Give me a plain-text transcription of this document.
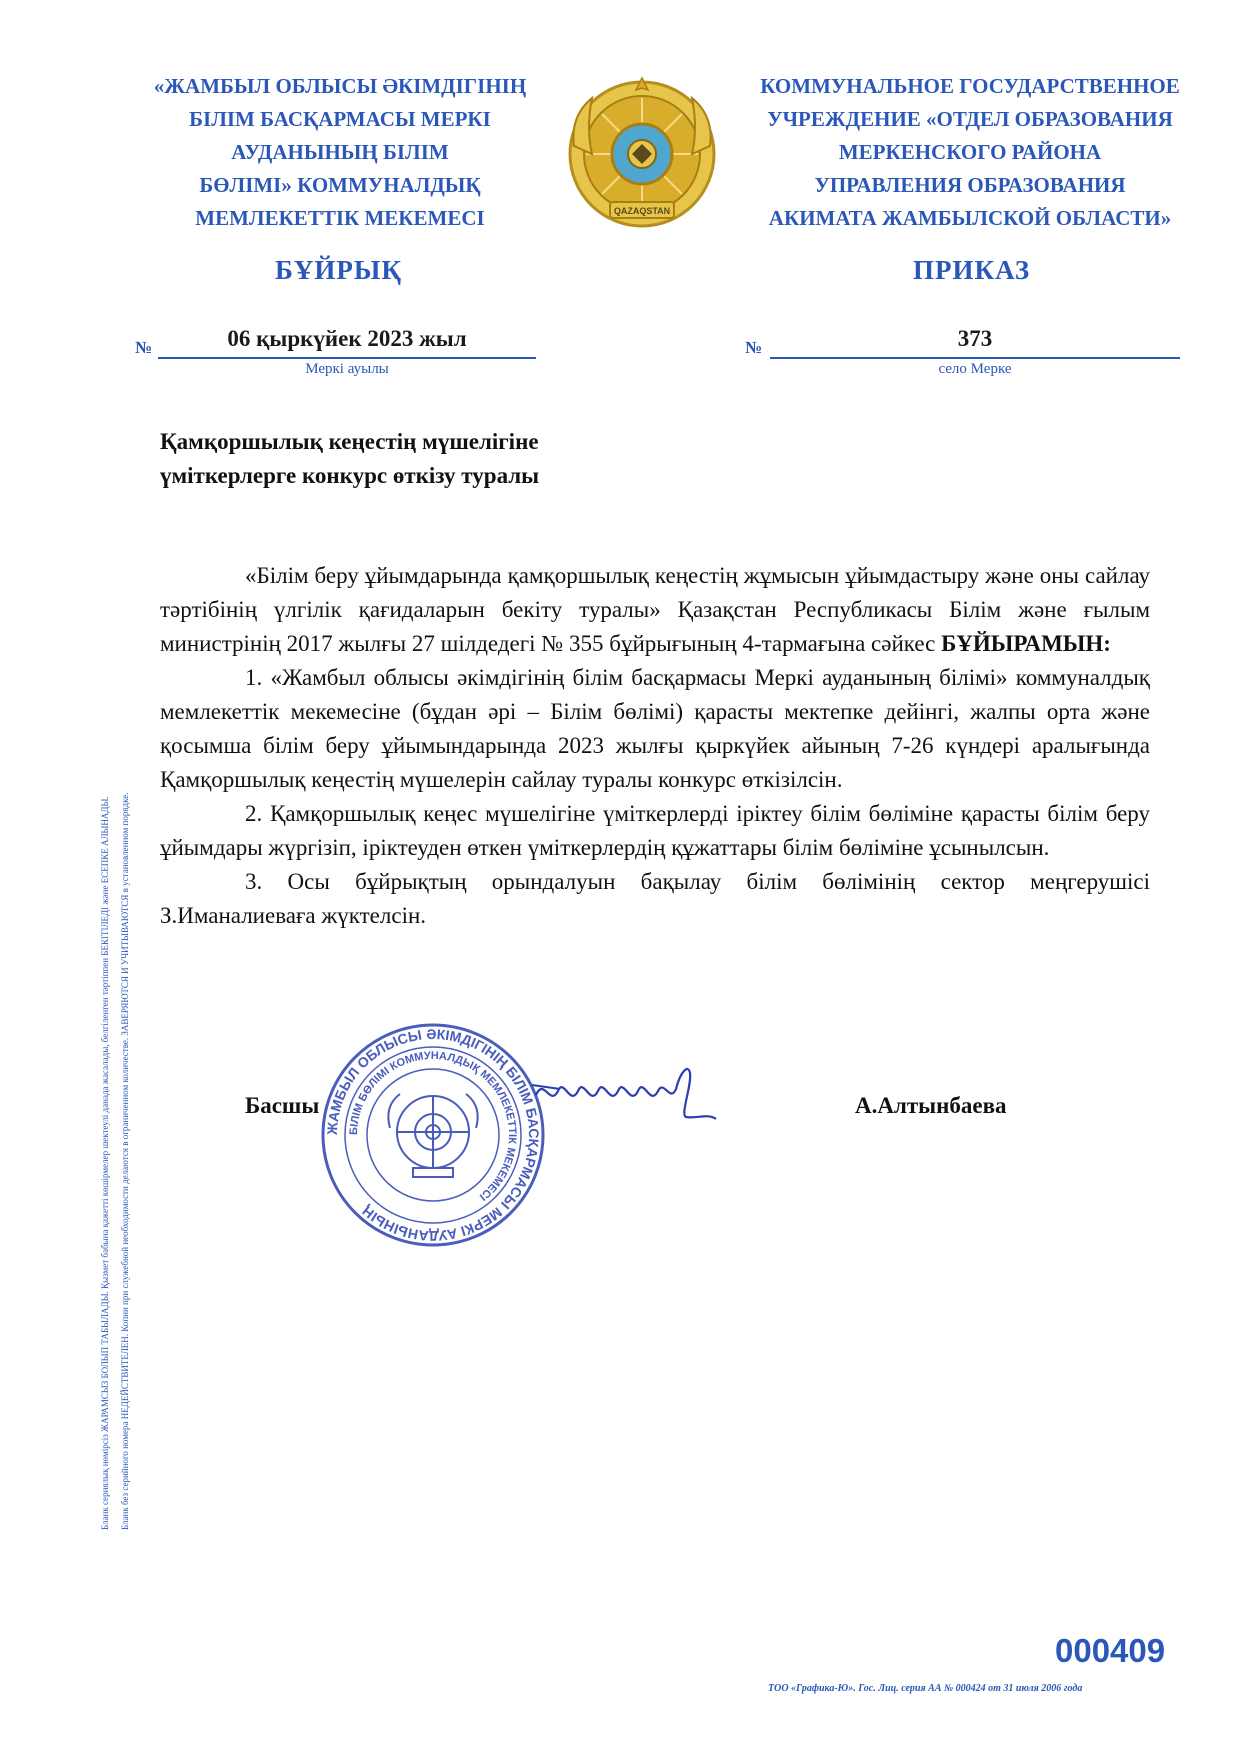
«ЖАМБЫЛ ОБЛЫСЫ ӘКІМДІГІНІҢ
БІЛІМ БАСҚАРМАСЫ МЕРКІ
АУДАНЫНЫҢ БІЛІМ
БӨЛІМІ» КОММУНАЛДЫҚ
МЕМЛЕКЕТТІК МЕКЕМЕСІ	QAZAQSTAN
КОММУНАЛЬНОЕ ГОСУДАРСТВЕННОЕ
УЧРЕЖДЕНИЕ «ОТДЕЛ ОБРАЗОВАНИЯ
МЕРКЕНСКОГО РАЙОНА
УПРАВЛЕНИЯ ОБРАЗОВАНИЯ
АКИМАТА ЖАМБЫЛСКОЙ ОБЛАСТИ»
БҰЙРЫҚ	ПРИКАЗ
№	06 қыркүйек 2023 жыл
Меркі ауылы
№	373
село Мерке
Қамқоршылық кеңестің мүшелігіне
үміткерлерге конкурс өткізу туралы

«Білім беру ұйымдарында қамқоршылық кеңестің жұмысын ұйымдастыру және оны сайлау тәртібінің үлгілік қағидаларын бекіту туралы» Қазақстан Республикасы Білім және ғылым министрінің 2017 жылғы 27 шілдедегі № 355 бұйрығының 4-тармағына сәйкес БҰЙЫРАМЫН:

1. «Жамбыл облысы әкімдігінің білім басқармасы Меркі ауданының білімі» коммуналдық мемлекеттік мекемесіне (бұдан әрі – Білім бөлімі) қарасты мектепке дейінгі, жалпы орта және қосымша білім беру ұйымындарында 2023 жылғы қыркүйек айының 7-26 күндері аралығында Қамқоршылық кеңестің мүшелерін сайлау туралы конкурс өткізілсін.

2. Қамқоршылық кеңес мүшелігіне үміткерлерді іріктеу білім бөліміне қарасты білім беру ұйымдары жүргізіп, іріктеуден өткен үміткерлердің құжаттары білім бөліміне ұсынылсын.

3. Осы бұйрықтың орындалуын бақылау білім бөлімінің сектор меңгерушісі З.Иманалиеваға жүктелсін.

Басшы	А.Алтынбаева
ЖАМБЫЛ ОБЛЫСЫ ӘКІМДІГІНІҢ БІЛІМ БАСҚАРМАСЫ МЕРКІ АУДАНЫНЫҢ
БІЛІМ БӨЛІМІ КОММУНАЛДЫҚ МЕМЛЕКЕТТІК МЕКЕМЕСІ
Бланк сериялық нөмірсіз ЖАРАМСЫЗ БОЛЫП ТАБЫЛАДЫ. Қызмет бабына қажетті көшірмелер шектеулі данада жасалады, белгіленген тәртіппен БЕКІТІЛЕДІ және ЕСЕПКЕ АЛЫНАДЫ. Бланк без серийного номера НЕДЕЙСТВИТЕЛЕН. Копии при служебной необходимости делаются в ограниченном количестве. ЗАВЕРЯЮТСЯ И УЧИТЫВАЮТСЯ в установленном порядке.
000409
ТОО «Графика-Ю». Гос. Лиц. серия АА № 000424 от 31 июля 2006 года
